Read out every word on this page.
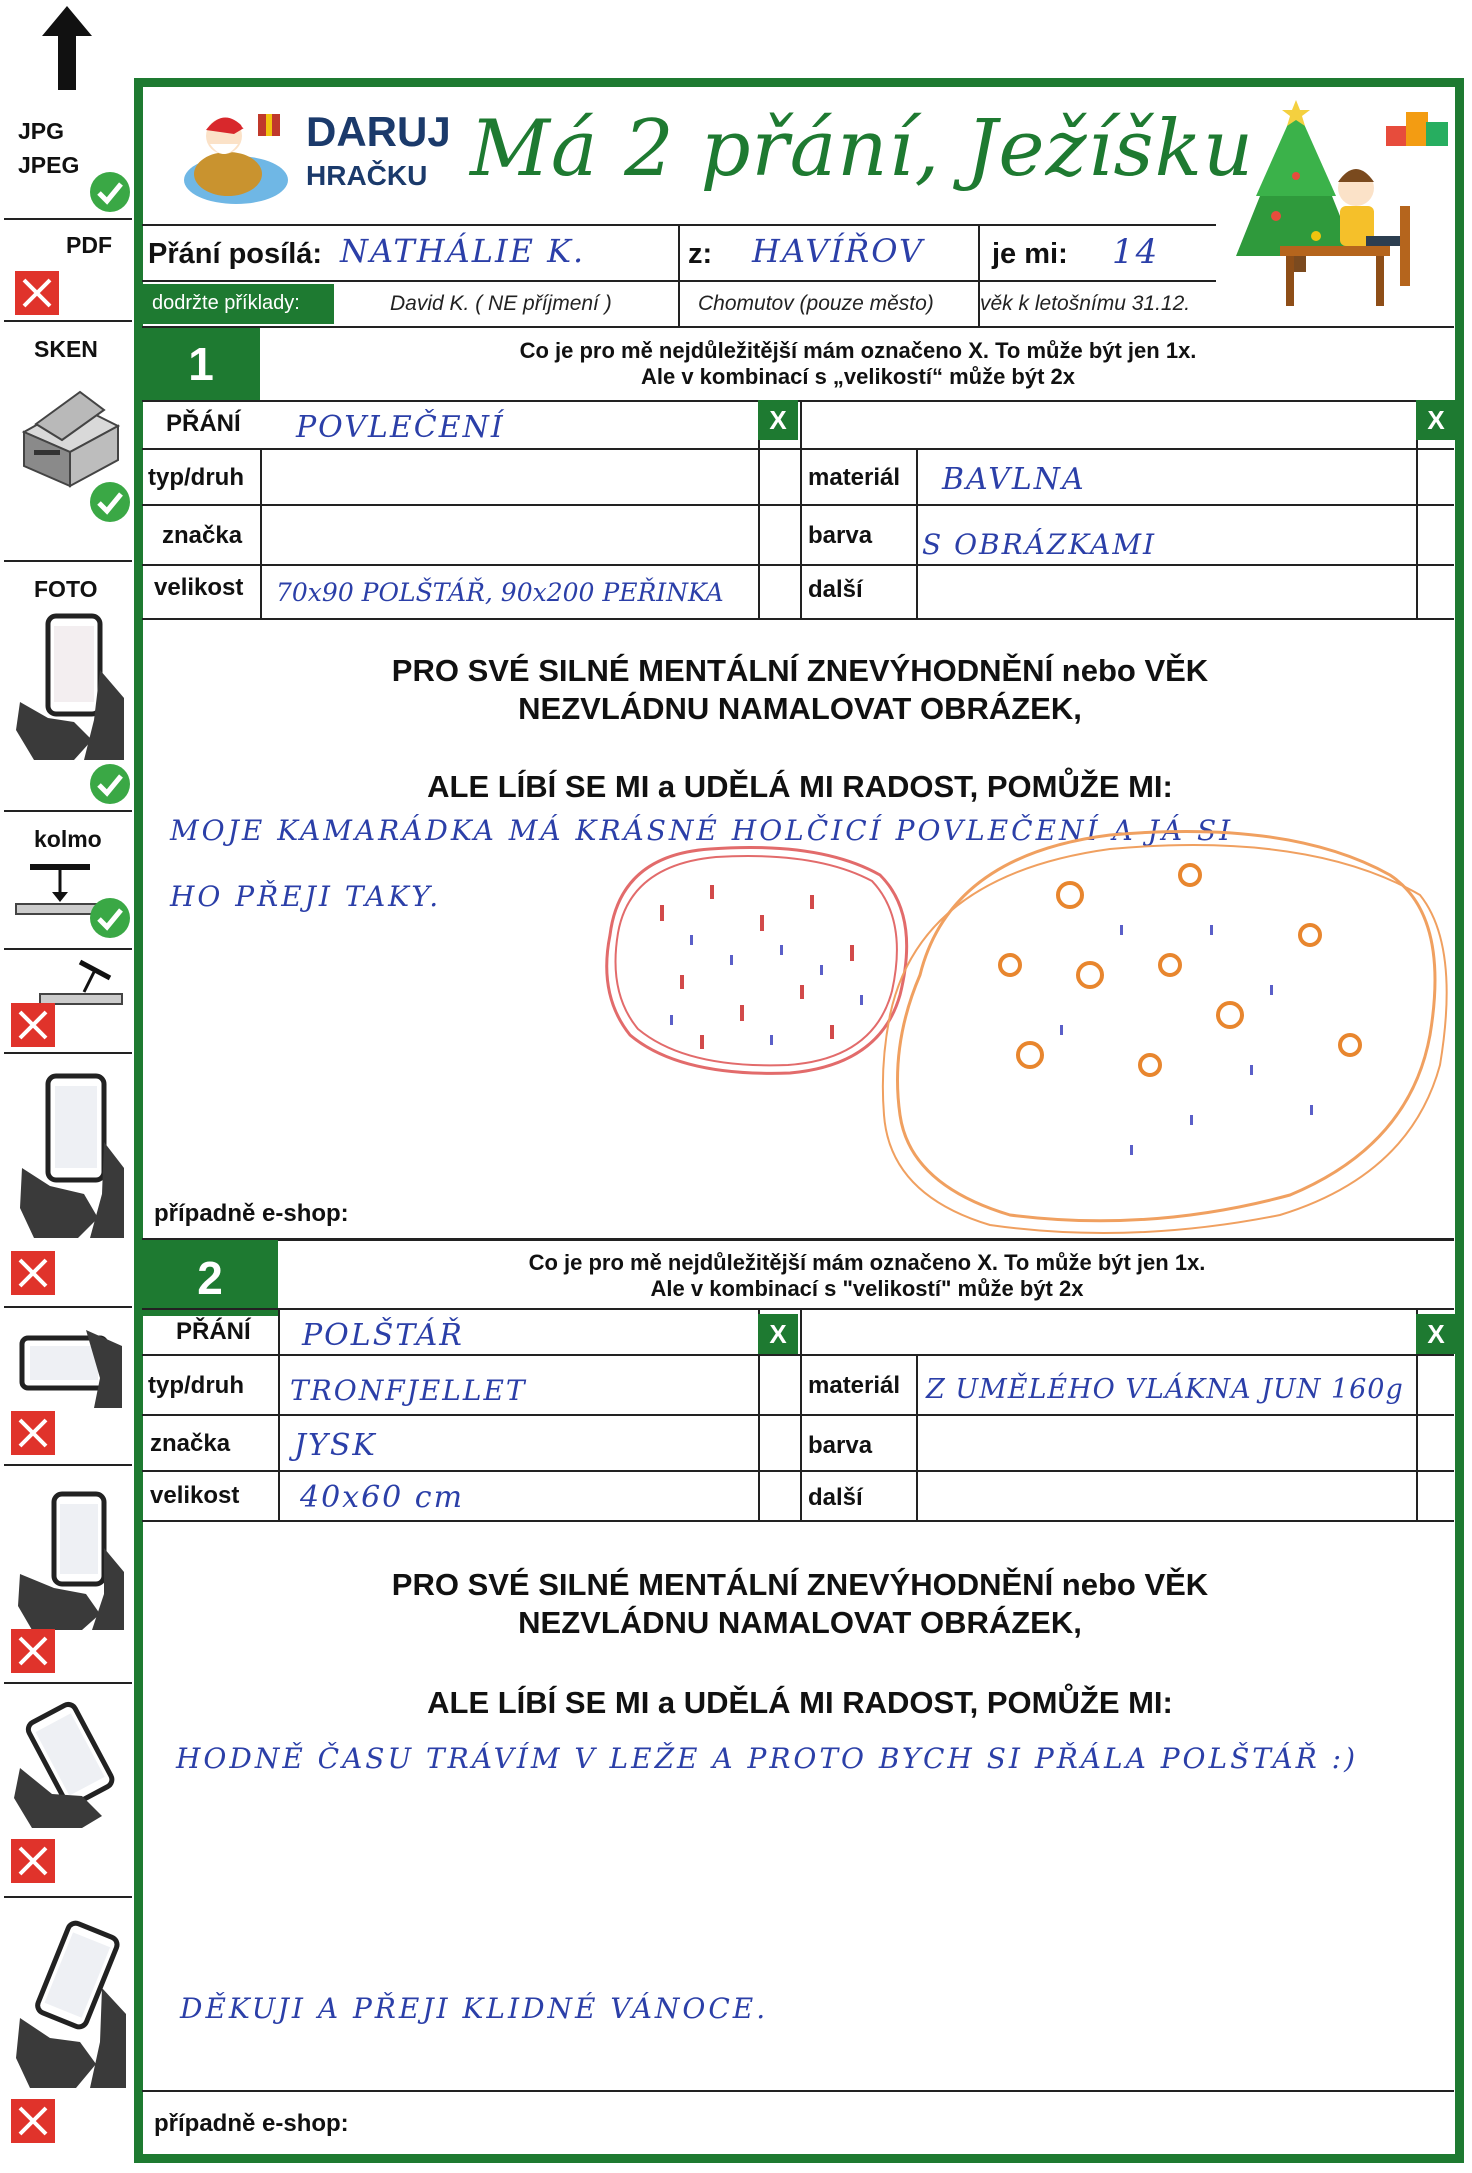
JPG
JPEG
PDF
SKEN
FOTO
kolmo
DARUJ
HRAČKU Má 2 přání, Ježíšku
Přání posílá: NATHÁLIE K.	z: HAVÍŘOV je mi: 14
dodržte příklady:	David K. ( NE příjmení )	Chomutov (pouze město) věk k letošnímu 31.12.
1	Co je pro mě nejdůležitější mám označeno X. To může být jen 1x.
Ale v kombinací s „velikostí“ může být 2x
PŘÁNÍ POVLEČENÍ	X	X
typ/druh	materiál BAVLNA
značka	barva S OBRÁZKAMI
velikost 70x90 POLŠTÁŘ, 90x200 PEŘINKA	další
PRO SVÉ SILNÉ MENTÁLNÍ ZNEVÝHODNĚNÍ nebo VĚK
NEZVLÁDNU NAMALOVAT OBRÁZEK,
ALE LÍBÍ SE MI a UDĚLÁ MI RADOST, POMŮŽE MI:
MOJE KAMARÁDKA MÁ KRÁSNÉ HOLČICÍ POVLEČENÍ A JÁ SI
HO PŘEJI TAKY.
případně e-shop:
2	Co je pro mě nejdůležitější mám označeno X. To může být jen 1x.
Ale v kombinací s "velikostí" může být 2x
PŘÁNÍ POLŠTÁŘ	X	X
typ/druh TRONFJELLET	materiál Z UMĚLÉHO VLÁKNA JUN 160g
značka JYSK	barva
velikost 40x60 cm	další
PRO SVÉ SILNÉ MENTÁLNÍ ZNEVÝHODNĚNÍ nebo VĚK
NEZVLÁDNU NAMALOVAT OBRÁZEK,
ALE LÍBÍ SE MI a UDĚLÁ MI RADOST, POMŮŽE MI:
HODNĚ ČASU TRÁVÍM V LEŽE A PROTO BYCH SI PŘÁLA POLŠTÁŘ :)
DĚKUJI A PŘEJI KLIDNÉ VÁNOCE.
případně e-shop:
